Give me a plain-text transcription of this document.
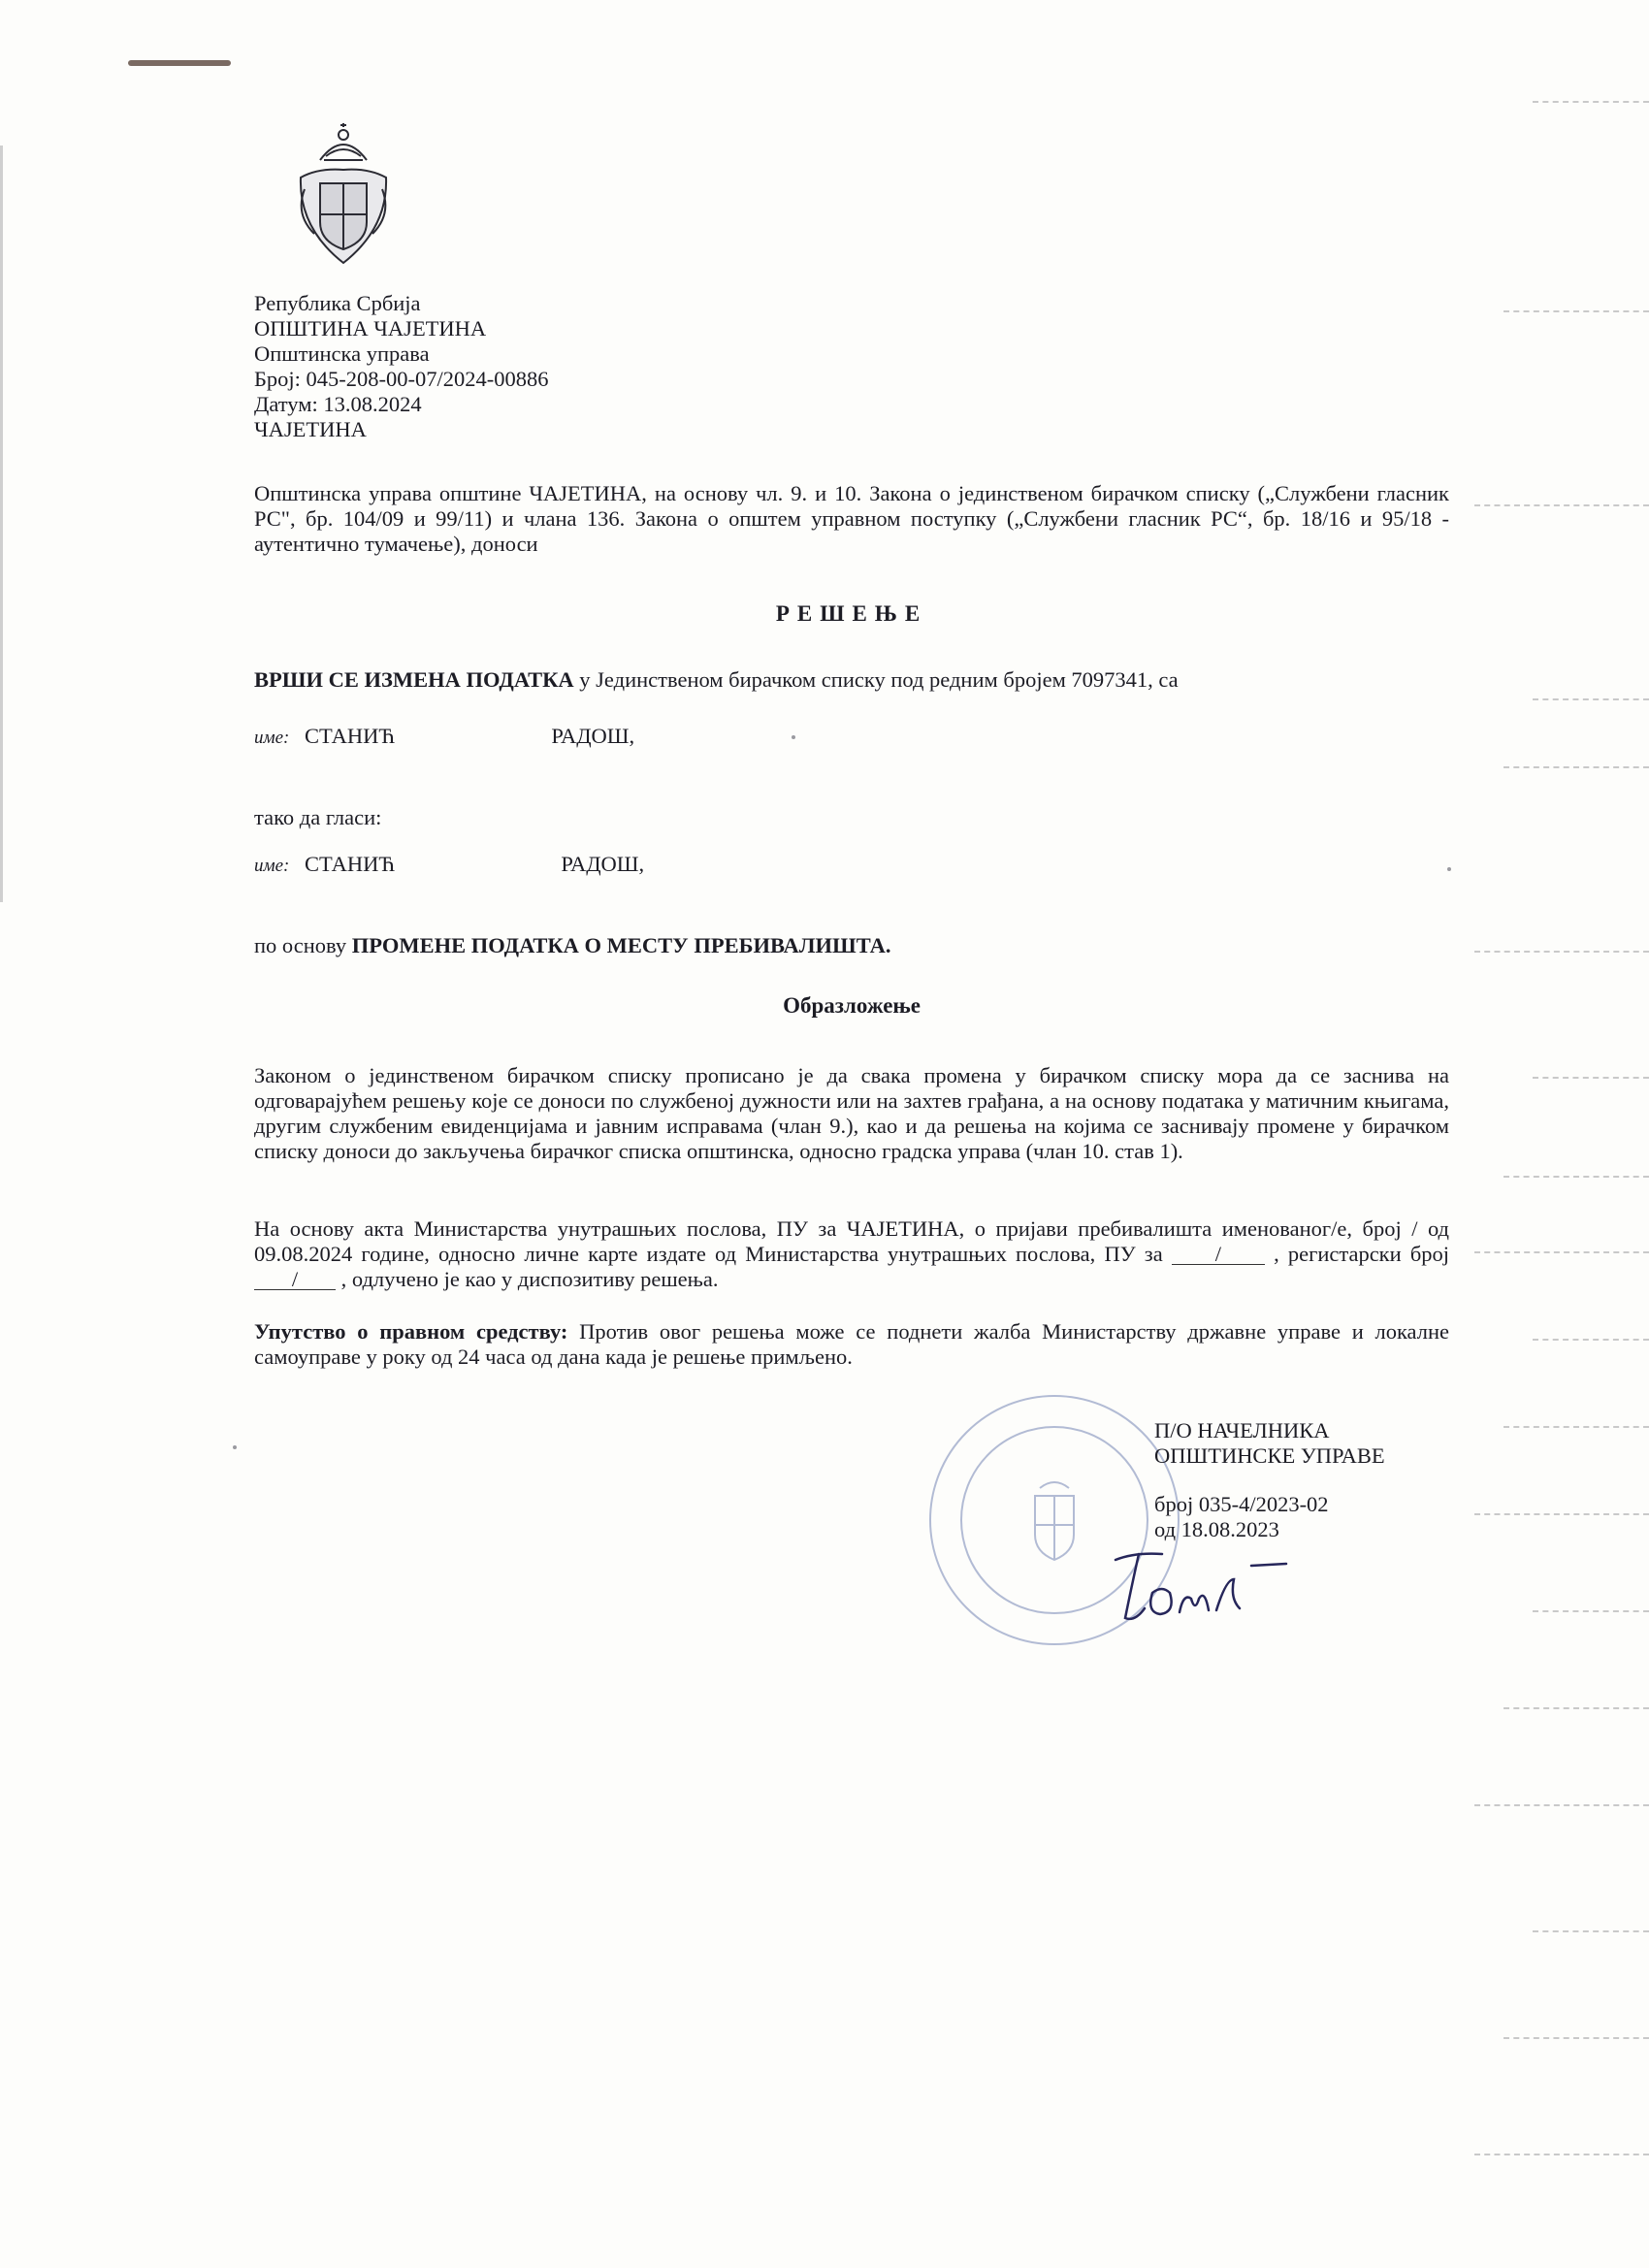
Република Србија
ОПШТИНА ЧАЈЕТИНА
Општинска управа
Број: 045-208-00-07/2024-00886
Датум: 13.08.2024
ЧАЈЕТИНА
Општинска управа општине ЧАЈЕТИНА, на основу чл. 9. и 10. Закона о јединственом бирачком списку („Службени гласник РС", бр. 104/09 и 99/11) и члана 136. Закона о општем управном поступку („Службени гласник РС“, бр. 18/16 и 95/18 - аутентично тумачење), доноси
РЕШЕЊЕ
ВРШИ СЕ ИЗМЕНА ПОДАТКА у Јединственом бирачком списку под редним бројем 7097341, са
име: СТАНИЋ	РАДОШ,
тако да гласи:
име: СТАНИЋ	РАДОШ,
по основу ПРОМЕНЕ ПОДАТКА О МЕСТУ ПРЕБИВАЛИШТА.
Образложење
Законом о јединственом бирачком списку прописано је да свака промена у бирачком списку мора да се заснива на одговарајућем решењу које се доноси по службеној дужности или на захтев грађана, а на основу података у матичним књигама, другим службеним евиденцијама и јавним исправама (члан 9.), као и да решења на којима се заснивају промене у бирачком списку доноси до закључења бирачког списка општинска, односно градска управа (члан 10. став 1).
На основу акта Министарства унутрашњих послова, ПУ за ЧАЈЕТИНА, о пријави пребивалишта именованог/е, број / од 09.08.2024 године, односно личне карте издате од Министарства унутрашњих послова, ПУ за / , регистарски број / , одлучено је као у диспозитиву решења.
Упутство о правном средству: Против овог решења може се поднети жалба Министарству државне управе и локалне самоуправе у року од 24 часа од дана када је решење примљено.
П/О НАЧЕЛНИКА
ОПШТИНСКЕ УПРАВЕ
број 035-4/2023-02
од 18.08.2023
